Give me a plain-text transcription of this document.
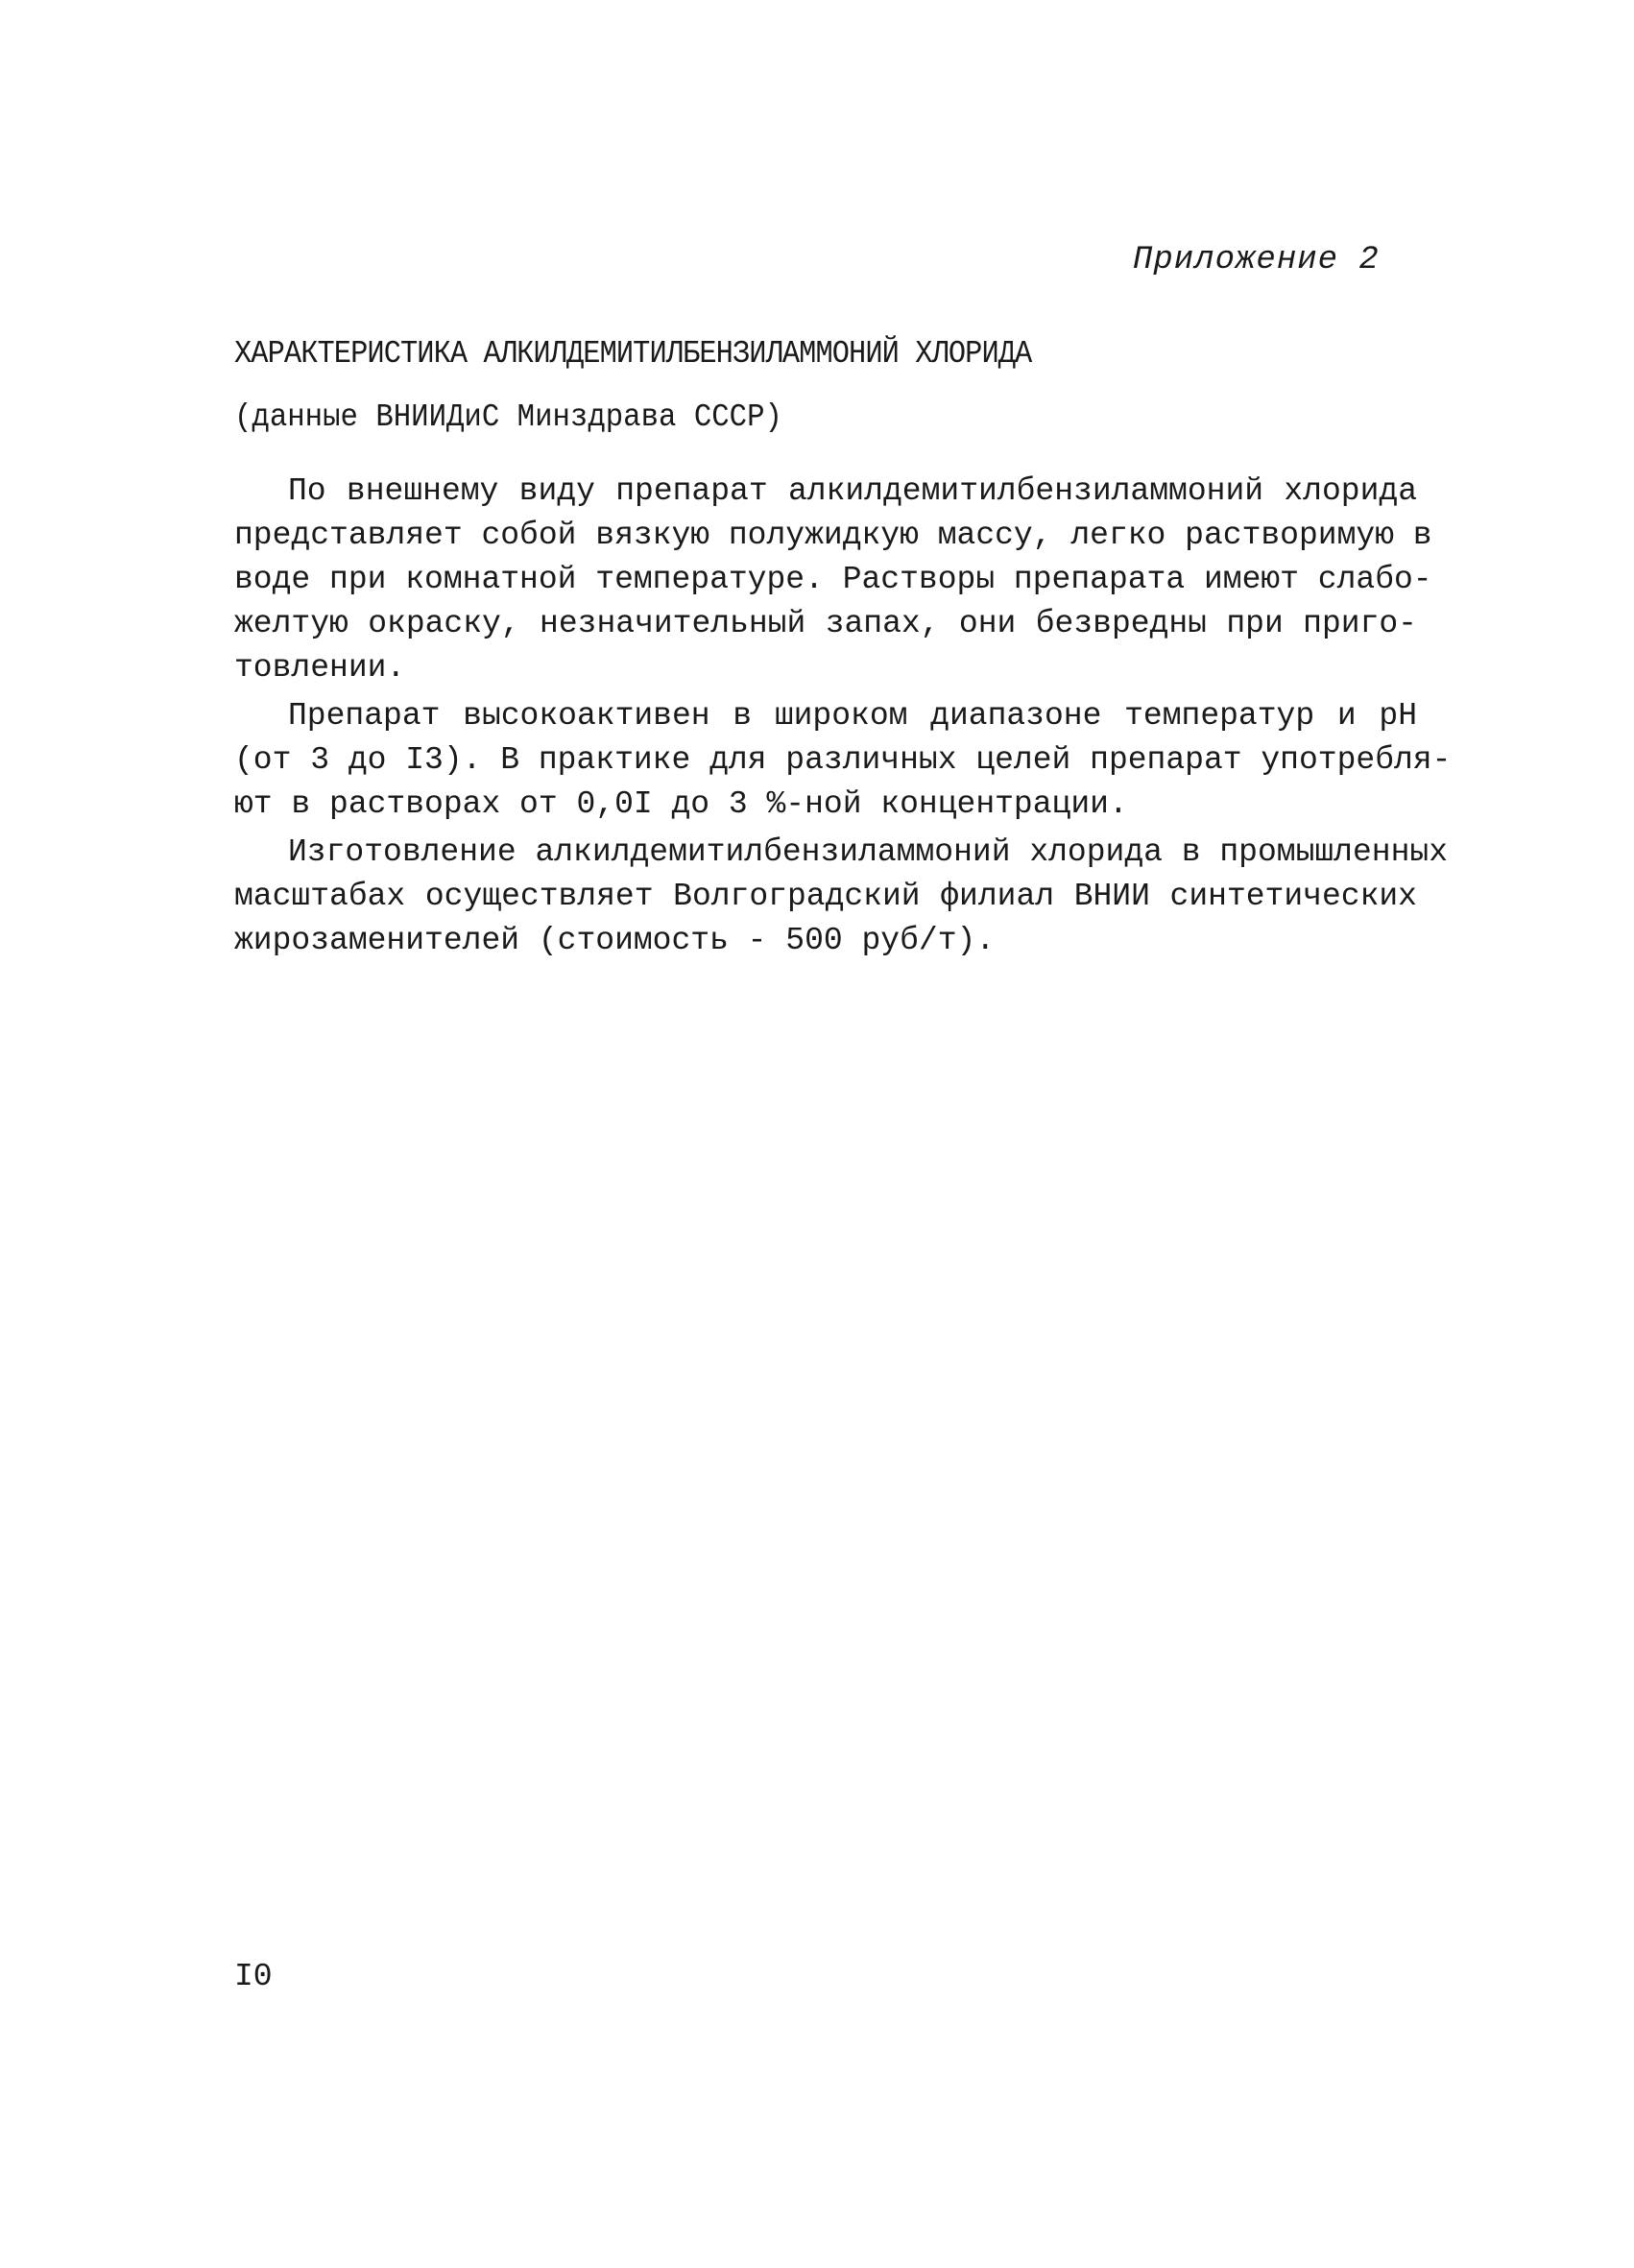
Приложение 2
ХАРАКТЕРИСТИКА АЛКИЛДЕМИТИЛБЕНЗИЛАММОНИЙ ХЛОРИДА
(данные ВНИИДиС Минздрава СССР)
По внешнему виду препарат алкилдемитилбензиламмоний хлорида
представляет собой вязкую полужидкую массу, легко растворимую в
воде при комнатной температуре. Растворы препарата имеют слабо-
желтую окраску, незначительный запах, они безвредны при приго-
товлении.
Препарат высокоактивен в широком диапазоне температур и pH
(от 3 до I3). В практике для различных целей препарат употребля-
ют в растворах от 0,0I до 3 %-ной концентрации.
Изготовление алкилдемитилбензиламмоний хлорида в промышленных
масштабах осуществляет Волгоградский филиал ВНИИ синтетических
жирозаменителей (стоимость - 500 руб/т).
I0
